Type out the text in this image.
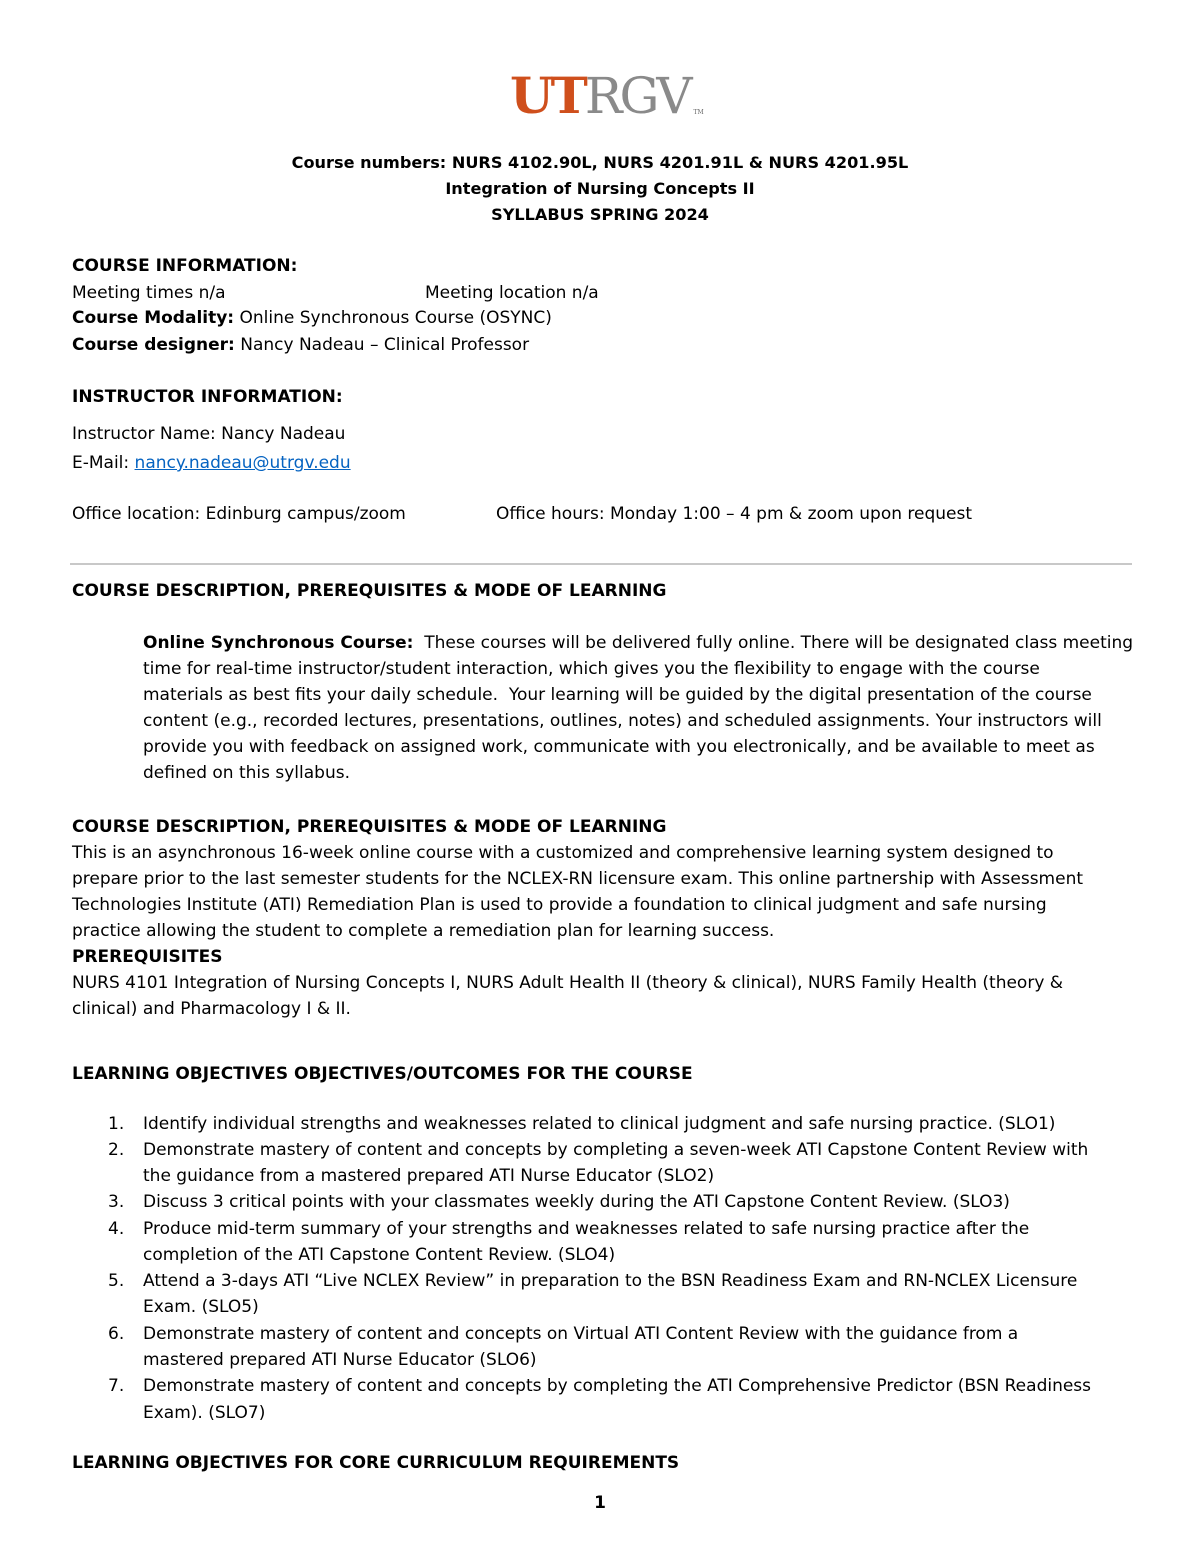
UT RGV TM
Course numbers: NURS 4102.90L, NURS 4201.91L & NURS 4201.95L
Integration of Nursing Concepts II
SYLLABUS SPRING 2024
COURSE INFORMATION:
Meeting times n/a	Meeting location n/a
Course Modality: Online Synchronous Course (OSYNC)
Course designer: Nancy Nadeau – Clinical Professor
INSTRUCTOR INFORMATION:
Instructor Name: Nancy Nadeau
E-Mail: nancy.nadeau@utrgv.edu
Office location: Edinburg campus/zoom	Office hours: Monday 1:00 – 4 pm & zoom upon request
COURSE DESCRIPTION, PREREQUISITES & MODE OF LEARNING
Online Synchronous Course:  These courses will be delivered fully online. There will be designated class meeting
time for real-time instructor/student interaction, which gives you the flexibility to engage with the course
materials as best fits your daily schedule.  Your learning will be guided by the digital presentation of the course
content (e.g., recorded lectures, presentations, outlines, notes) and scheduled assignments. Your instructors will
provide you with feedback on assigned work, communicate with you electronically, and be available to meet as
defined on this syllabus.
COURSE DESCRIPTION, PREREQUISITES & MODE OF LEARNING
This is an asynchronous 16-week online course with a customized and comprehensive learning system designed to
prepare prior to the last semester students for the NCLEX-RN licensure exam. This online partnership with Assessment
Technologies Institute (ATI) Remediation Plan is used to provide a foundation to clinical judgment and safe nursing
practice allowing the student to complete a remediation plan for learning success.
PREREQUISITES
NURS 4101 Integration of Nursing Concepts I, NURS Adult Health II (theory & clinical), NURS Family Health (theory &
clinical) and Pharmacology I & II.
LEARNING OBJECTIVES OBJECTIVES/OUTCOMES FOR THE COURSE
1. Identify individual strengths and weaknesses related to clinical judgment and safe nursing practice. (SLO1)
2. Demonstrate mastery of content and concepts by completing a seven-week ATI Capstone Content Review with
the guidance from a mastered prepared ATI Nurse Educator (SLO2)
3. Discuss 3 critical points with your classmates weekly during the ATI Capstone Content Review. (SLO3)
4. Produce mid-term summary of your strengths and weaknesses related to safe nursing practice after the
completion of the ATI Capstone Content Review. (SLO4)
5. Attend a 3-days ATI “Live NCLEX Review” in preparation to the BSN Readiness Exam and RN-NCLEX Licensure
Exam. (SLO5)
6. Demonstrate mastery of content and concepts on Virtual ATI Content Review with the guidance from a
mastered prepared ATI Nurse Educator (SLO6)
7. Demonstrate mastery of content and concepts by completing the ATI Comprehensive Predictor (BSN Readiness
Exam). (SLO7)
LEARNING OBJECTIVES FOR CORE CURRICULUM REQUIREMENTS
1
